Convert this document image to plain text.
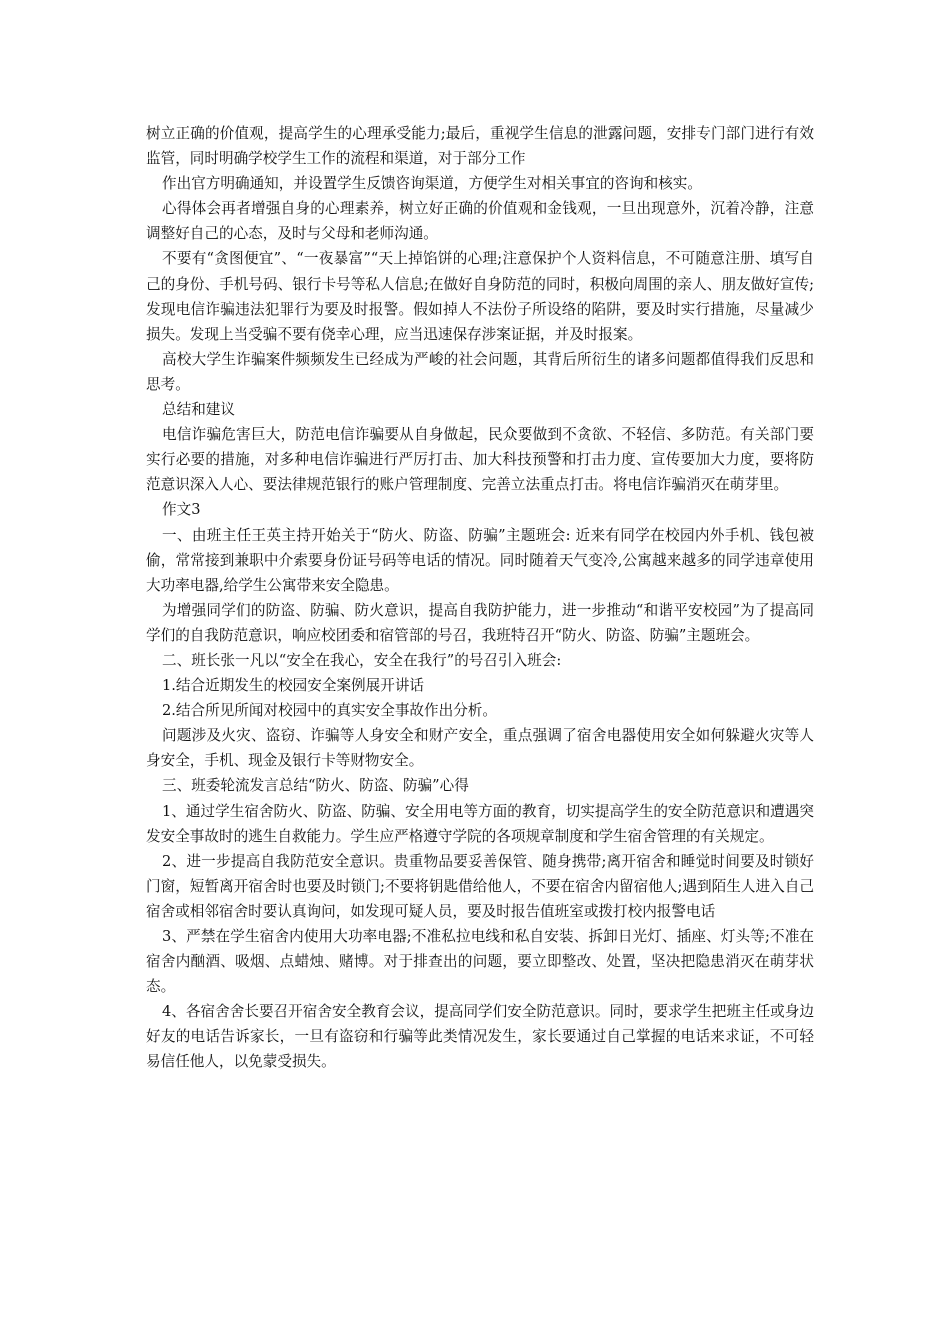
树立正确的价值观，提高学生的心理承受能力;最后，重视学生信息的泄露问题，安排专门部门进行有效监管，同时明确学校学生工作的流程和渠道，对于部分工作

作出官方明确通知，并设置学生反馈咨询渠道，方便学生对相关事宜的咨询和核实。

心得体会再者增强自身的心理素养，树立好正确的价值观和金钱观，一旦出现意外，沉着冷静，注意调整好自己的心态，及时与父母和老师沟通。

不要有“贪图便宜”、“一夜暴富”“天上掉馅饼的心理;注意保护个人资料信息，不可随意注册、填写自己的身份、手机号码、银行卡号等私人信息;在做好自身防范的同时，积极向周围的亲人、朋友做好宣传;发现电信诈骗违法犯罪行为要及时报警。假如掉人不法份子所设络的陷阱，要及时实行措施，尽量减少损失。发现上当受骗不要有侥幸心理，应当迅速保存涉案证据，并及时报案。

高校大学生诈骗案件频频发生已经成为严峻的社会问题，其背后所衍生的诸多问题都值得我们反思和思考。

总结和建议

电信诈骗危害巨大，防范电信诈骗要从自身做起，民众要做到不贪欲、不轻信、多防范。有关部门要实行必要的措施，对多种电信诈骗进行严厉打击、加大科技预警和打击力度、宣传要加大力度，要将防范意识深入人心、要法律规范银行的账户管理制度、完善立法重点打击。将电信诈骗消灭在萌芽里。

作文3

一、由班主任王英主持开始关于“防火、防盗、防骗”主题班会: 近来有同学在校园内外手机、钱包被偷，常常接到兼职中介索要身份证号码等电话的情况。同时随着天气变冷,公寓越来越多的同学违章使用大功率电器,给学生公寓带来安全隐患。

为增强同学们的防盗、防骗、防火意识，提高自我防护能力，进一步推动“和谐平安校园”为了提高同学们的自我防范意识，响应校团委和宿管部的号召，我班特召开“防火、防盗、防骗”主题班会。

二、班长张一凡以“安全在我心，安全在我行”的号召引入班会:

1.结合近期发生的校园安全案例展开讲话

2.结合所见所闻对校园中的真实安全事故作出分析。

问题涉及火灾、盗窃、诈骗等人身安全和财产安全，重点强调了宿舍电器使用安全如何躲避火灾等人身安全，手机、现金及银行卡等财物安全。

三、班委轮流发言总结“防火、防盗、防骗”心得

1、通过学生宿舍防火、防盗、防骗、安全用电等方面的教育，切实提高学生的安全防范意识和遭遇突发安全事故时的逃生自救能力。学生应严格遵守学院的各项规章制度和学生宿舍管理的有关规定。

2、进一步提高自我防范安全意识。贵重物品要妥善保管、随身携带;离开宿舍和睡觉时间要及时锁好门窗，短暂离开宿舍时也要及时锁门;不要将钥匙借给他人，不要在宿舍内留宿他人;遇到陌生人进入自己宿舍或相邻宿舍时要认真询问，如发现可疑人员，要及时报告值班室或拨打校内报警电话

3、严禁在学生宿舍内使用大功率电器;不准私拉电线和私自安装、拆卸日光灯、插座、灯头等;不准在宿舍内酗酒、吸烟、点蜡烛、赌博。对于排查出的问题，要立即整改、处置，坚决把隐患消灭在萌芽状态。

4、各宿舍舍长要召开宿舍安全教育会议，提高同学们安全防范意识。同时，要求学生把班主任或身边好友的电话告诉家长，一旦有盗窃和行骗等此类情况发生，家长要通过自己掌握的电话来求证，不可轻易信任他人，以免蒙受损失。
